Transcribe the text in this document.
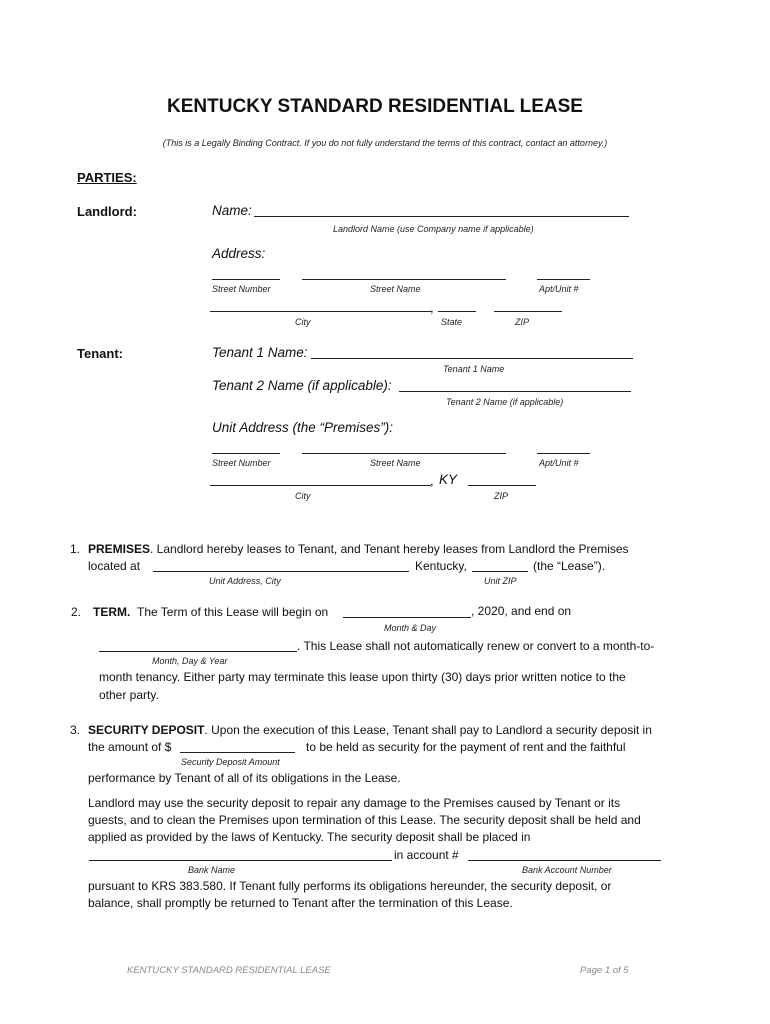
KENTUCKY STANDARD RESIDENTIAL LEASE
(This is a Legally Binding Contract. If you do not fully understand the terms of this contract, contact an attorney.)
PARTIES:
Landlord:	Name:
Landlord Name (use Company name if applicable)
Address:
Street Number	Street Name	Apt/Unit #
,
City	State	ZIP
Tenant:	Tenant 1 Name:
Tenant 1 Name
Tenant 2 Name (if applicable):
Tenant 2 Name (if applicable)
Unit Address (the “Premises”):
Street Number	Street Name	Apt/Unit #
, KY
City	ZIP
1. PREMISES. Landlord hereby leases to Tenant, and Tenant hereby leases from Landlord the Premises
located at	Kentucky,	(the “Lease”).
Unit Address, City	Unit ZIP
2. TERM. The Term of this Lease will begin on	, 2020, and end on
Month & Day
. This Lease shall not automatically renew or convert to a month-to-
Month, Day & Year
month tenancy. Either party may terminate this lease upon thirty (30) days prior written notice to the
other party.
3. SECURITY DEPOSIT. Upon the execution of this Lease, Tenant shall pay to Landlord a security deposit in
the amount of $	to be held as security for the payment of rent and the faithful
Security Deposit Amount
performance by Tenant of all of its obligations in the Lease.
Landlord may use the security deposit to repair any damage to the Premises caused by Tenant or its
guests, and to clean the Premises upon termination of this Lease. The security deposit shall be held and
applied as provided by the laws of Kentucky. The security deposit shall be placed in
in account #
Bank Name	Bank Account Number
pursuant to KRS 383.580. If Tenant fully performs its obligations hereunder, the security deposit, or
balance, shall promptly be returned to Tenant after the termination of this Lease.
KENTUCKY STANDARD RESIDENTIAL LEASE	Page 1 of 5
